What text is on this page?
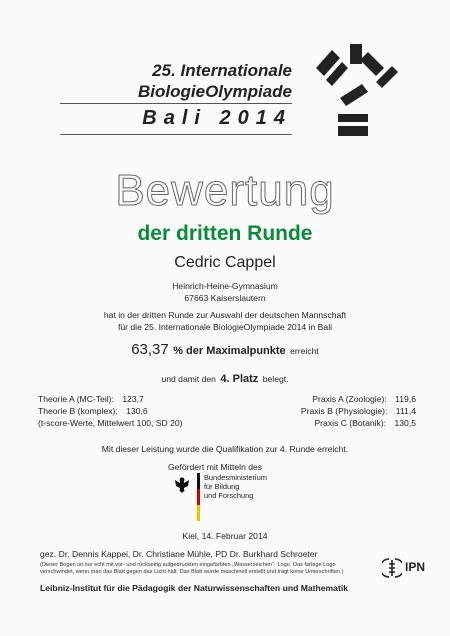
25. Internationale
BiologieOlympiade
Bali 2014
Bewertung
der dritten Runde
Cedric Cappel
Heinrich-Heine-Gymnasium
67663 Kaiserslautern
hat in der dritten Runde zur Auswahl der deutschen Mannschaft
für die 25. Internationale BiologieOlympiade 2014 in Bali
63,37 % der Maximalpunkte erreicht
und damit den 4. Platz belegt.
Theorie A (MC-Teil): 123,7
Theorie B (komplex): 130,6
(t-score-Werte, Mittelwert 100, SD 20)
Praxis A (Zoologie): 119,6
Praxis B (Physiologie): 111,4
Praxis C (Botanik): 130,5
Mit dieser Leistung wurde die Qualifikation zur 4. Runde erreicht.
Gefördert mit Mitteln des
Bundesministerium
für Bildung
und Forschung
Kiel, 14. Februar 2014
gez. Dr. Dennis Kappei, Dr. Christiane Mühle, PD Dr. Burkhard Schroeter
(Dieser Bogen ist nur echt mit vor- und rückseitig aufgedruckten eingefärbten „Wasserzeichen"- Logo. Das farbige Logo
verschwindet, wenn man das Blatt gegen das Licht hält. Das Blatt wurde maschinell erstellt und trägt keine Unterschriften.)
Leibniz-Institut für die Pädagogik der Naturwissenschaften und Mathematik
IPN
